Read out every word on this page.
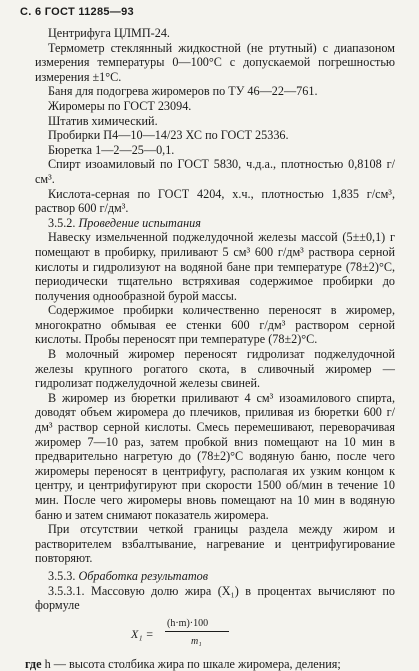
С. 6 ГОСТ 11285—93

Центрифуга ЦЛМП-24.

Термометр стеклянный жидкостной (не ртутный) с диапазоном измерения температуры 0—100°С с допускаемой погрешностью измерения ±1°С.

Баня для подогрева жиромеров по ТУ 46—22—761.

Жиромеры по ГОСТ 23094.

Штатив химический.

Пробирки П4—10—14/23 ХС по ГОСТ 25336.

Бюретка 1—2—25—0,1.

Спирт изоамиловый по ГОСТ 5830, ч.д.а., плотностью 0,8108 г/см³.

Кислота-серная по ГОСТ 4204, х.ч., плотностью 1,835 г/см³, раствор 600 г/дм³.

3.5.2. Проведение испытания

Навеску измельченной поджелудочной железы массой (5±±0,1) г помещают в пробирку, приливают 5 см³ 600 г/дм³ раствора серной кислоты и гидролизуют на водяной бане при температуре (78±2)°С, периодически тщательно встряхивая содержимое пробирки до получения однообразной бурой массы.

Содержимое пробирки количественно переносят в жиромер, многократно обмывая ее стенки 600 г/дм³ раствором серной кислоты. Пробы переносят при температуре (78±2)°С.

В молочный жиромер переносят гидролизат поджелудочной железы крупного рогатого скота, в сливочный жиромер — гидролизат поджелудочной железы свиней.

В жиромер из бюретки приливают 4 см³ изоамилового спирта, доводят объем жиромера до плечиков, приливая из бюретки 600 г/дм³ раствор серной кислоты. Смесь перемешивают, переворачивая жиромер 7—10 раз, затем пробкой вниз помещают на 10 мин в предварительно нагретую до (78±2)°С водяную баню, после чего жиромеры переносят в центрифугу, располагая их узким концом к центру, и центрифугируют при скорости 1500 об/мин в течение 10 мин. После чего жиромеры вновь помещают на 10 мин в водяную баню и затем снимают показатель жиромера.

При отсутствии четкой границы раздела между жиром и растворителем взбалтывание, нагревание и центрифугирование повторяют.

3.5.3. Обработка результатов

3.5.3.1. Массовую долю жира (X₁) в процентах вычисляют по формуле

X₁ =
(h·m)·100
m₁

где h — высота столбика жира по шкале жиромера, деления;
